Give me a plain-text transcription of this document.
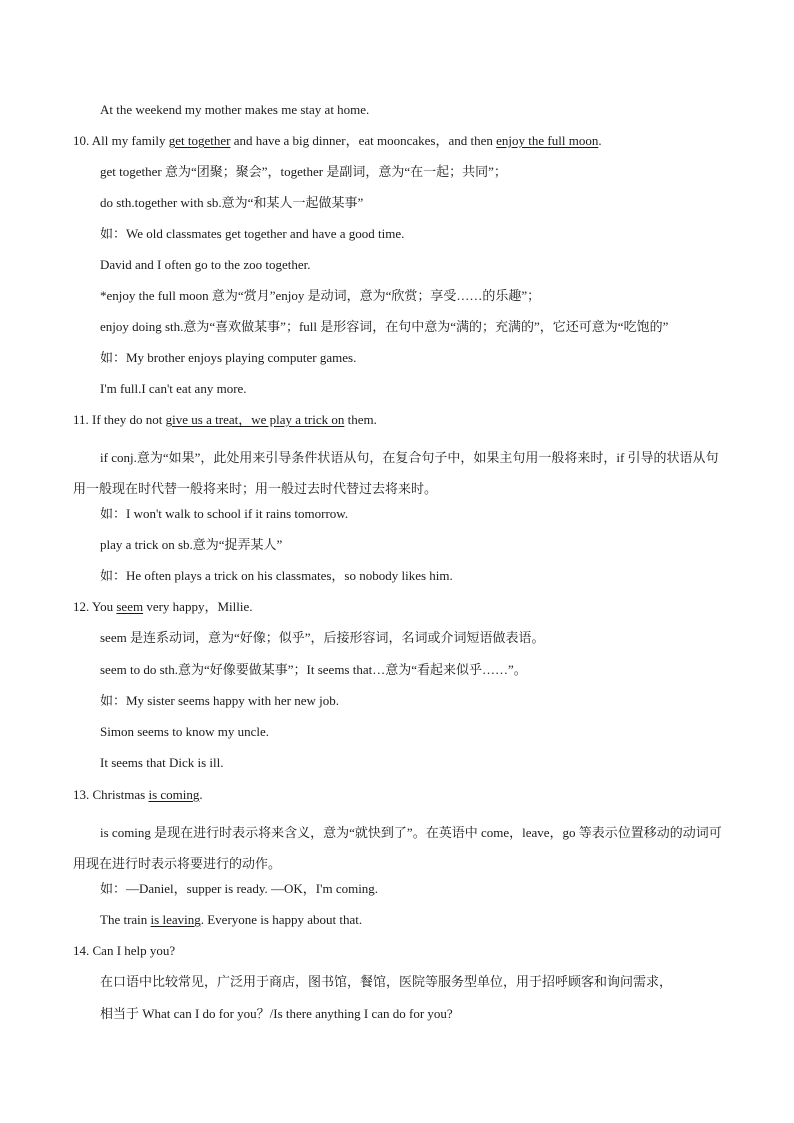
At the weekend my mother makes me stay at home.
10. All my family get together and have a big dinner，eat mooncakes，and then enjoy the full moon.
get together 意为“团聚；聚会”，together 是副词，意为“在一起；共同”；
do sth.together with sb.意为“和某人一起做某事”
如：We old classmates get together and have a good time.
David and I often go to the zoo together.
*enjoy the full moon 意为“赏月”enjoy 是动词，意为“欣赏；享受……的乐趣”；
enjoy doing sth.意为“喜欢做某事”；full 是形容词，在句中意为“满的；充满的”，它还可意为“吃饱的”
如：My brother enjoys playing computer games.
I'm full.I can't eat any more.
11. If they do not give us a treat，we play a trick on them.
if conj.意为“如果”，此处用来引导条件状语从句，在复合句子中，如果主句用一般将来时，if 引导的状语从句用一般现在时代替一般将来时；用一般过去时代替过去将来时。
如：I won't walk to school if it rains tomorrow.
play a trick on sb.意为“捉弄某人”
如：He often plays a trick on his classmates，so nobody likes him.
12. You seem very happy，Millie.
seem 是连系动词，意为“好像；似乎”，后接形容词，名词或介词短语做表语。
seem to do sth.意为“好像要做某事”；It seems that…意为“看起来似乎……”。
如：My sister seems happy with her new job.
Simon seems to know my uncle.
It seems that Dick is ill.
13. Christmas is coming.
is coming 是现在进行时表示将来含义，意为“就快到了”。在英语中 come，leave，go 等表示位置移动的动词可用现在进行时表示将要进行的动作。
如：—Daniel，supper is ready. —OK，I'm coming.
The train is leaving. Everyone is happy about that.
14. Can I help you?
在口语中比较常见，广泛用于商店，图书馆，餐馆，医院等服务型单位，用于招呼顾客和询问需求，
相当于 What can I do for you？/Is there anything I can do for you?
